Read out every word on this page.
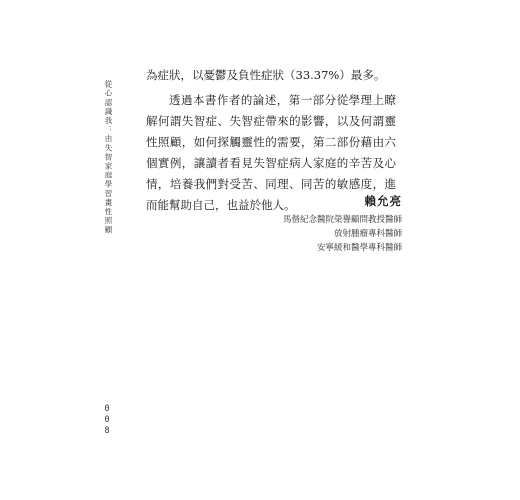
從心認識我：由失智家庭學習畫性照顧

為症狀，以憂鬱及負性症狀（33.37%）最多。

透過本書作者的論述，第一部分從學理上瞭解何謂失智症、失智症帶來的影響，以及何謂靈性照顧，如何探觸靈性的需要，第二部份藉由六個實例，讓讀者看見失智症病人家庭的辛苦及心情，培養我們對受苦、同理、同苦的敏感度，進而能幫助自己，也益於他人。	賴允亮
馬偕紀念醫院榮譽顧問教授醫師
放射腫瘤專科醫師
安寧緩和醫學專科醫師
008
